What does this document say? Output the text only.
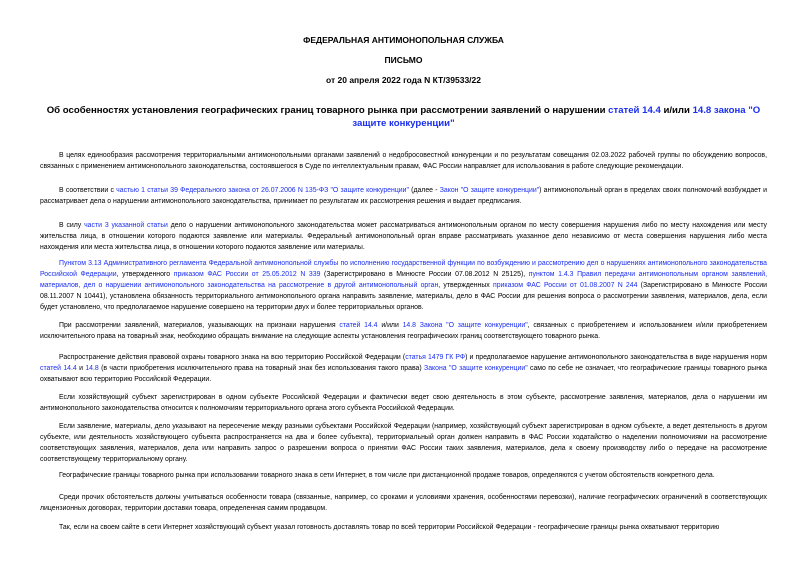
ФЕДЕРАЛЬНАЯ АНТИМОНОПОЛЬНАЯ СЛУЖБА
ПИСЬМО
от 20 апреля 2022 года N КТ/39533/22
Об особенностях установления географических границ товарного рынка при рассмотрении заявлений о нарушении статей 14.4 и/или 14.8 закона "О защите конкуренции"
В целях единообразия рассмотрения территориальными антимонопольными органами заявлений о недобросовестной конкуренции и по результатам совещания 02.03.2022 рабочей группы по обсуждению вопросов, связанных с применением антимонопольного законодательства, состоявшегося в Суде по интеллектуальным правам, ФАС России направляет для использования в работе следующие рекомендации.
В соответствии с частью 1 статьи 39 Федерального закона от 26.07.2006 N 135-ФЗ "О защите конкуренции" (далее - Закон "О защите конкуренции") антимонопольный орган в пределах своих полномочий возбуждает и рассматривает дела о нарушении антимонопольного законодательства, принимает по результатам их рассмотрения решения и выдает предписания.
В силу части 3 указанной статьи дело о нарушении антимонопольного законодательства может рассматриваться антимонопольным органом по месту совершения нарушения либо по месту нахождения или месту жительства лица, в отношении которого подаются заявление или материалы. Федеральный антимонопольный орган вправе рассматривать указанное дело независимо от места совершения нарушения либо места нахождения или места жительства лица, в отношении которого подаются заявление или материалы.
Пунктом 3.13 Административного регламента Федеральной антимонопольной службы по исполнению государственной функции по возбуждению и рассмотрению дел о нарушениях антимонопольного законодательства Российской Федерации, утвержденного приказом ФАС России от 25.05.2012 N 339 (Зарегистрировано в Минюсте России 07.08.2012 N 25125), пунктом 1.4.3 Правил передачи антимонопольным органом заявлений, материалов, дел о нарушении антимонопольного законодательства на рассмотрение в другой антимонопольный орган, утвержденных приказом ФАС России от 01.08.2007 N 244 (Зарегистрировано в Минюсте России 08.11.2007 N 10441), установлена обязанность территориального антимонопольного органа направить заявление, материалы, дело в ФАС России для решения вопроса о рассмотрении заявления, материалов, дела, если будет установлено, что предполагаемое нарушение совершено на территории двух и более территориальных органов.
При рассмотрении заявлений, материалов, указывающих на признаки нарушения статей 14.4 и/или 14.8 Закона "О защите конкуренции", связанных с приобретением и использованием и/или приобретением исключительного права на товарный знак, необходимо обращать внимание на следующие аспекты установления географических границ соответствующего товарного рынка.
Распространение действия правовой охраны товарного знака на всю территорию Российской Федерации (статья 1479 ГК РФ) и предполагаемое нарушение антимонопольного законодательства в виде нарушения норм статей 14.4 и 14.8 (в части приобретения исключительного права на товарный знак без использования такого права) Закона "О защите конкуренции" само по себе не означает, что географические границы товарного рынка охватывают всю территорию Российской Федерации.
Если хозяйствующий субъект зарегистрирован в одном субъекте Российской Федерации и фактически ведет свою деятельность в этом субъекте, рассмотрение заявления, материалов, дела о нарушении им антимонопольного законодательства относится к полномочиям территориального органа этого субъекта Российской Федерации.
Если заявление, материалы, дело указывают на пересечение между разными субъектами Российской Федерации (например, хозяйствующий субъект зарегистрирован в одном субъекте, а ведет деятельность в другом субъекте, или деятельность хозяйствующего субъекта распространяется на два и более субъекта), территориальный орган должен направить в ФАС России ходатайство о наделении полномочиями на рассмотрение соответствующих заявления, материалов, дела или направить запрос о разрешении вопроса о принятии ФАС России таких заявления, материалов, дела к своему производству либо о передаче на рассмотрение соответствующему территориальному органу.
Географические границы товарного рынка при использовании товарного знака в сети Интернет, в том числе при дистанционной продаже товаров, определяются с учетом обстоятельств конкретного дела.
Среди прочих обстоятельств должны учитываться особенности товара (связанные, например, со сроками и условиями хранения, особенностями перевозки), наличие географических ограничений в соответствующих лицензионных договорах, территории доставки товара, определенная самим продавцом.
Так, если на своем сайте в сети Интернет хозяйствующий субъект указал готовность доставлять товар по всей территории Российской Федерации - географические границы рынка охватывают территорию
